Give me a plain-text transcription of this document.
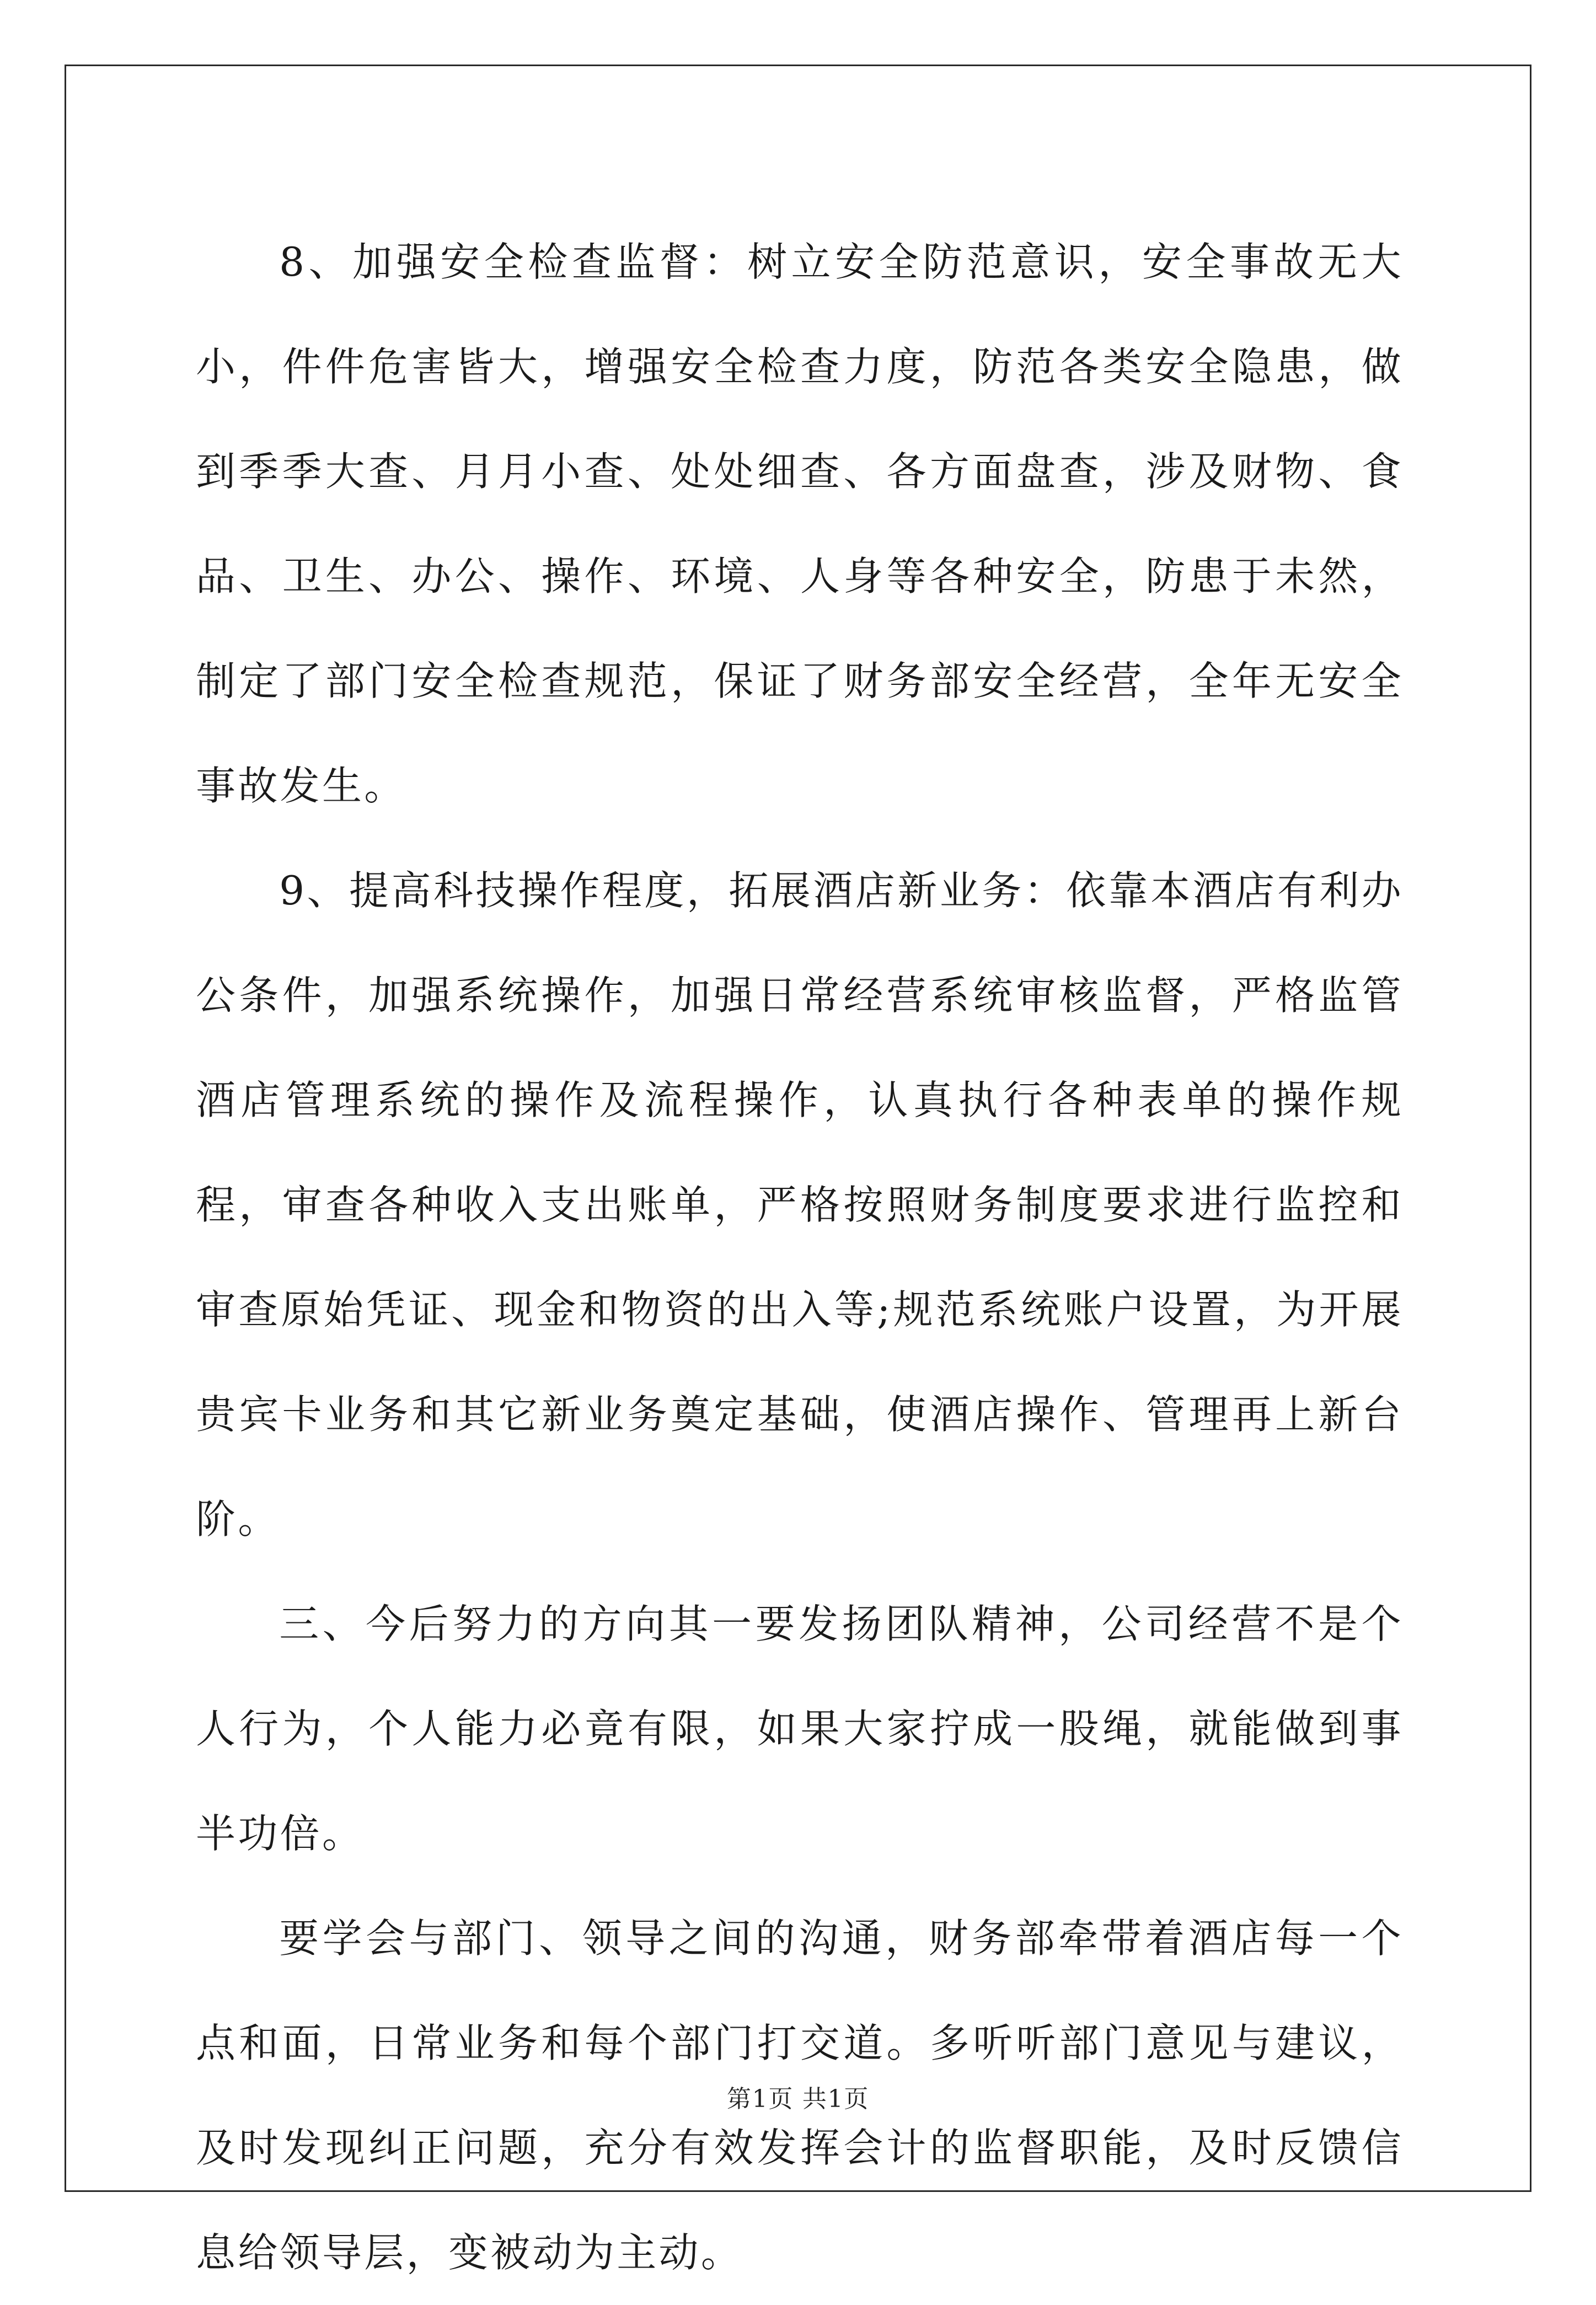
8、加强安全检查监督：树立安全防范意识，安全事故无大小，件件危害皆大，增强安全检查力度，防范各类安全隐患，做到季季大查、月月小查、处处细查、各方面盘查，涉及财物、食品、卫生、办公、操作、环境、人身等各种安全，防患于未然，制定了部门安全检查规范，保证了财务部安全经营，全年无安全事故发生。

9、提高科技操作程度，拓展酒店新业务：依靠本酒店有利办公条件，加强系统操作，加强日常经营系统审核监督，严格监管酒店管理系统的操作及流程操作，认真执行各种表单的操作规程，审查各种收入支出账单，严格按照财务制度要求进行监控和审查原始凭证、现金和物资的出入等;规范系统账户设置，为开展贵宾卡业务和其它新业务奠定基础，使酒店操作、管理再上新台阶。

三、今后努力的方向其一要发扬团队精神，公司经营不是个人行为，个人能力必竟有限，如果大家拧成一股绳，就能做到事半功倍。

要学会与部门、领导之间的沟通，财务部牵带着酒店每一个点和面，日常业务和每个部门打交道。多听听部门意见与建议，及时发现纠正问题，充分有效发挥会计的监督职能，及时反馈信息给领导层，变被动为主动。

第1页 共1页
